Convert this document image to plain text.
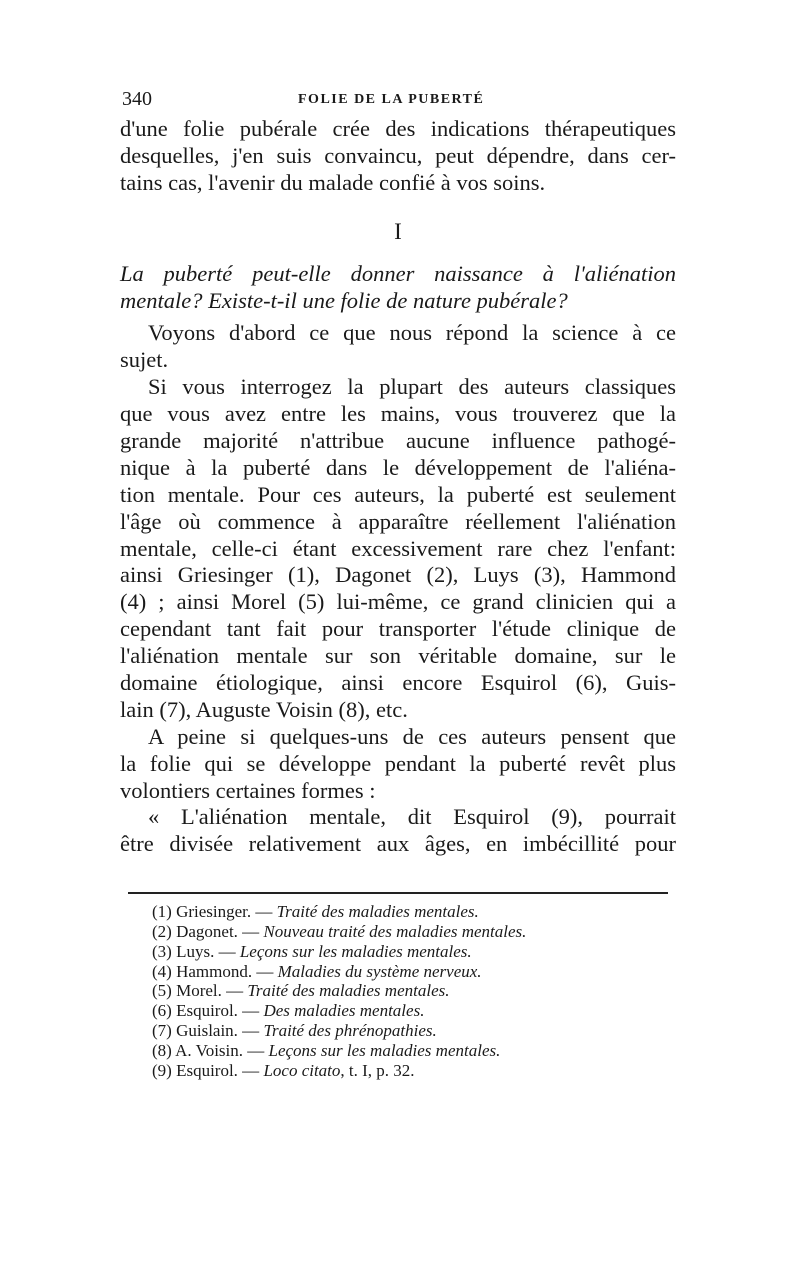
340	FOLIE DE LA PUBERTÉ
d'une folie pubérale crée des indications thérapeutiques
desquelles, j'en suis convaincu, peut dépendre, dans cer-
tains cas, l'avenir du malade confié à vos soins.
I
La puberté peut-elle donner naissance à l'aliénation
mentale? Existe-t-il une folie de nature pubérale?
Voyons d'abord ce que nous répond la science à ce
sujet.
Si vous interrogez la plupart des auteurs classiques
que vous avez entre les mains, vous trouverez que la
grande majorité n'attribue aucune influence pathogé-
nique à la puberté dans le développement de l'aliéna-
tion mentale. Pour ces auteurs, la puberté est seulement
l'âge où commence à apparaître réellement l'aliénation
mentale, celle-ci étant excessivement rare chez l'enfant:
ainsi Griesinger (1), Dagonet (2), Luys (3), Hammond
(4) ; ainsi Morel (5) lui-même, ce grand clinicien qui a
cependant tant fait pour transporter l'étude clinique de
l'aliénation mentale sur son véritable domaine, sur le
domaine étiologique, ainsi encore Esquirol (6), Guis-
lain (7), Auguste Voisin (8), etc.
A peine si quelques-uns de ces auteurs pensent que
la folie qui se développe pendant la puberté revêt plus
volontiers certaines formes :
« L'aliénation mentale, dit Esquirol (9), pourrait
être divisée relativement aux âges, en imbécillité pour
(1) Griesinger. — Traité des maladies mentales.
(2) Dagonet. — Nouveau traité des maladies mentales.
(3) Luys. — Leçons sur les maladies mentales.
(4) Hammond. — Maladies du système nerveux.
(5) Morel. — Traité des maladies mentales.
(6) Esquirol. — Des maladies mentales.
(7) Guislain. — Traité des phrénopathies.
(8) A. Voisin. — Leçons sur les maladies mentales.
(9) Esquirol. — Loco citato, t. I, p. 32.
